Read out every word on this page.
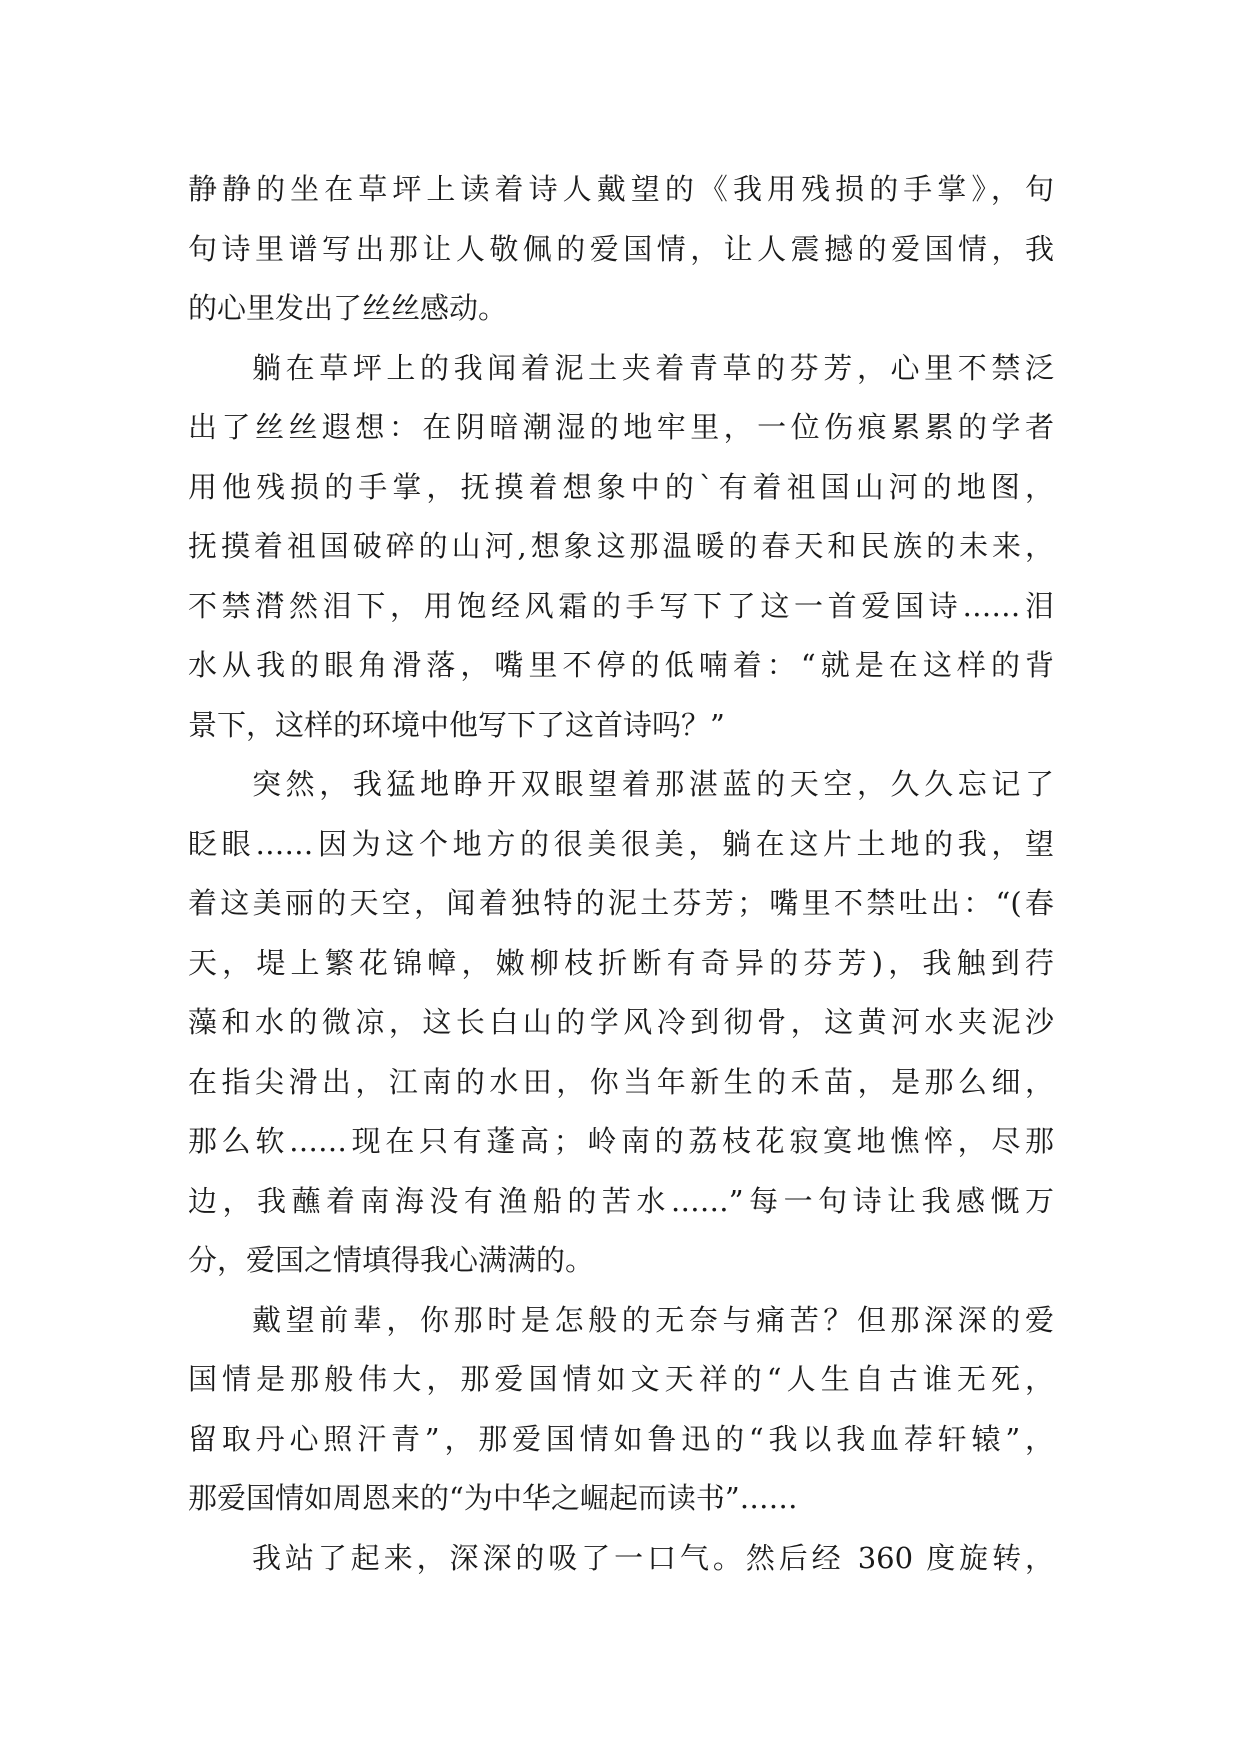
静静的坐在草坪上读着诗人戴望的《我用残损的手掌》，句
句诗里谱写出那让人敬佩的爱国情，让人震撼的爱国情，我
的心里发出了丝丝感动。
躺在草坪上的我闻着泥土夹着青草的芬芳，心里不禁泛
出了丝丝遐想：在阴暗潮湿的地牢里，一位伤痕累累的学者
用他残损的手掌，抚摸着想象中的`有着祖国山河的地图，
抚摸着祖国破碎的山河,想象这那温暖的春天和民族的未来，
不禁潸然泪下，用饱经风霜的手写下了这一首爱国诗……泪
水从我的眼角滑落，嘴里不停的低喃着：“就是在这样的背
景下，这样的环境中他写下了这首诗吗？”
突然，我猛地睁开双眼望着那湛蓝的天空，久久忘记了
眨眼……因为这个地方的很美很美，躺在这片土地的我，望
着这美丽的天空，闻着独特的泥土芬芳；嘴里不禁吐出：“(春
天，堤上繁花锦幛，嫩柳枝折断有奇异的芬芳)，我触到荇
藻和水的微凉，这长白山的学风冷到彻骨，这黄河水夹泥沙
在指尖滑出，江南的水田，你当年新生的禾苗，是那么细，
那么软……现在只有蓬高；岭南的荔枝花寂寞地憔悴，尽那
边，我蘸着南海没有渔船的苦水……”每一句诗让我感慨万
分，爱国之情填得我心满满的。
戴望前辈，你那时是怎般的无奈与痛苦？但那深深的爱
国情是那般伟大，那爱国情如文天祥的“人生自古谁无死，
留取丹心照汗青”，那爱国情如鲁迅的“我以我血荐轩辕”，
那爱国情如周恩来的“为中华之崛起而读书”……
我站了起来，深深的吸了一口气。然后经 360 度旋转，
